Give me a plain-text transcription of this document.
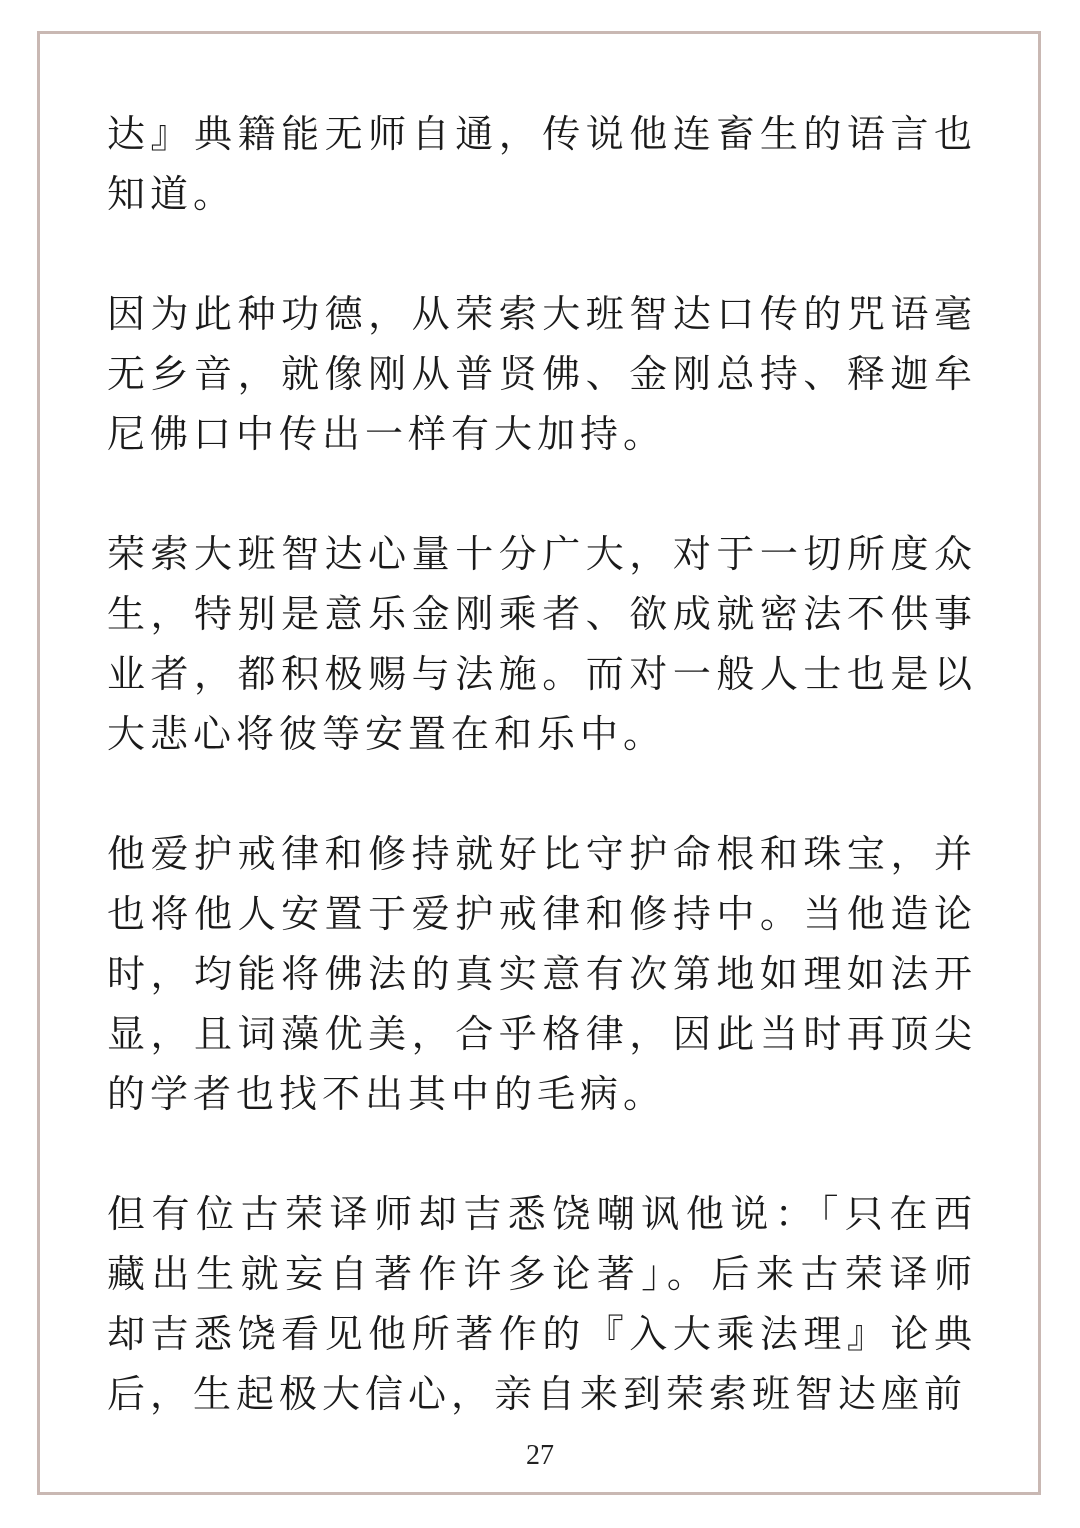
达』典籍能无师自通，传说他连畜生的语言也知道。

因为此种功德，从荣索大班智达口传的咒语毫无乡音，就像刚从普贤佛、金刚总持、释迦牟尼佛口中传出一样有大加持。

荣索大班智达心量十分广大，对于一切所度众生，特别是意乐金刚乘者、欲成就密法不供事业者，都积极赐与法施。而对一般人士也是以大悲心将彼等安置在和乐中。

他爱护戒律和修持就好比守护命根和珠宝，并也将他人安置于爱护戒律和修持中。当他造论时，均能将佛法的真实意有次第地如理如法开显，且词藻优美，合乎格律，因此当时再顶尖的学者也找不出其中的毛病。

但有位古荣译师却吉悉饶嘲讽他说：「只在西藏出生就妄自著作许多论著」。后来古荣译师却吉悉饶看见他所著作的『入大乘法理』论典后，生起极大信心，亲自来到荣索班智达座前

27
